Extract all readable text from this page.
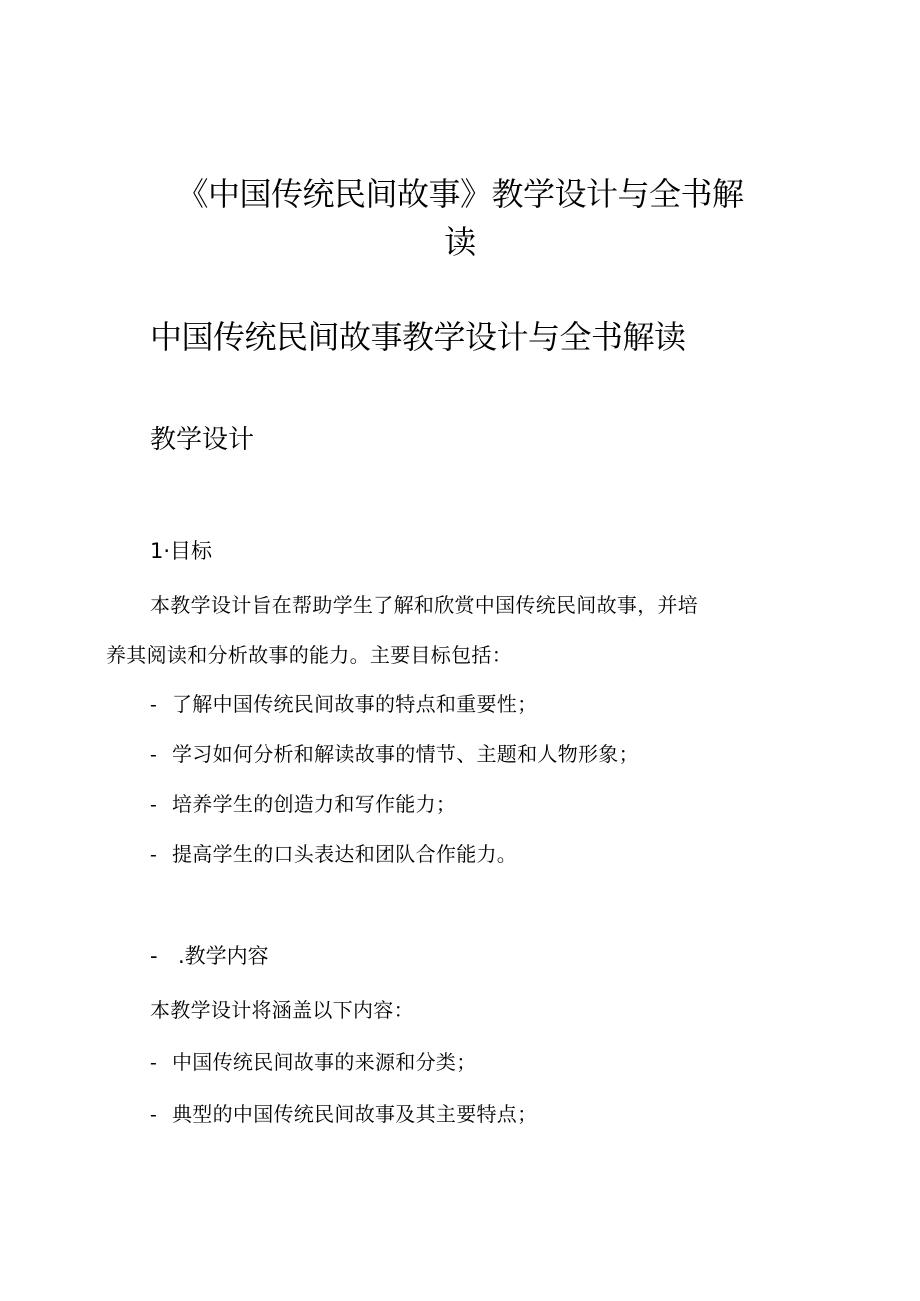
《中国传统民间故事》教学设计与全书解
读
中国传统民间故事教学设计与全书解读
教学设计
1·目标

本教学设计旨在帮助学生了解和欣赏中国传统民间故事，并培

养其阅读和分析故事的能力。主要目标包括：

- 了解中国传统民间故事的特点和重要性；
- 学习如何分析和解读故事的情节、主题和人物形象；
- 培养学生的创造力和写作能力；
- 提高学生的口头表达和团队合作能力。
- .教学内容

本教学设计将涵盖以下内容：

- 中国传统民间故事的来源和分类；
- 典型的中国传统民间故事及其主要特点；
